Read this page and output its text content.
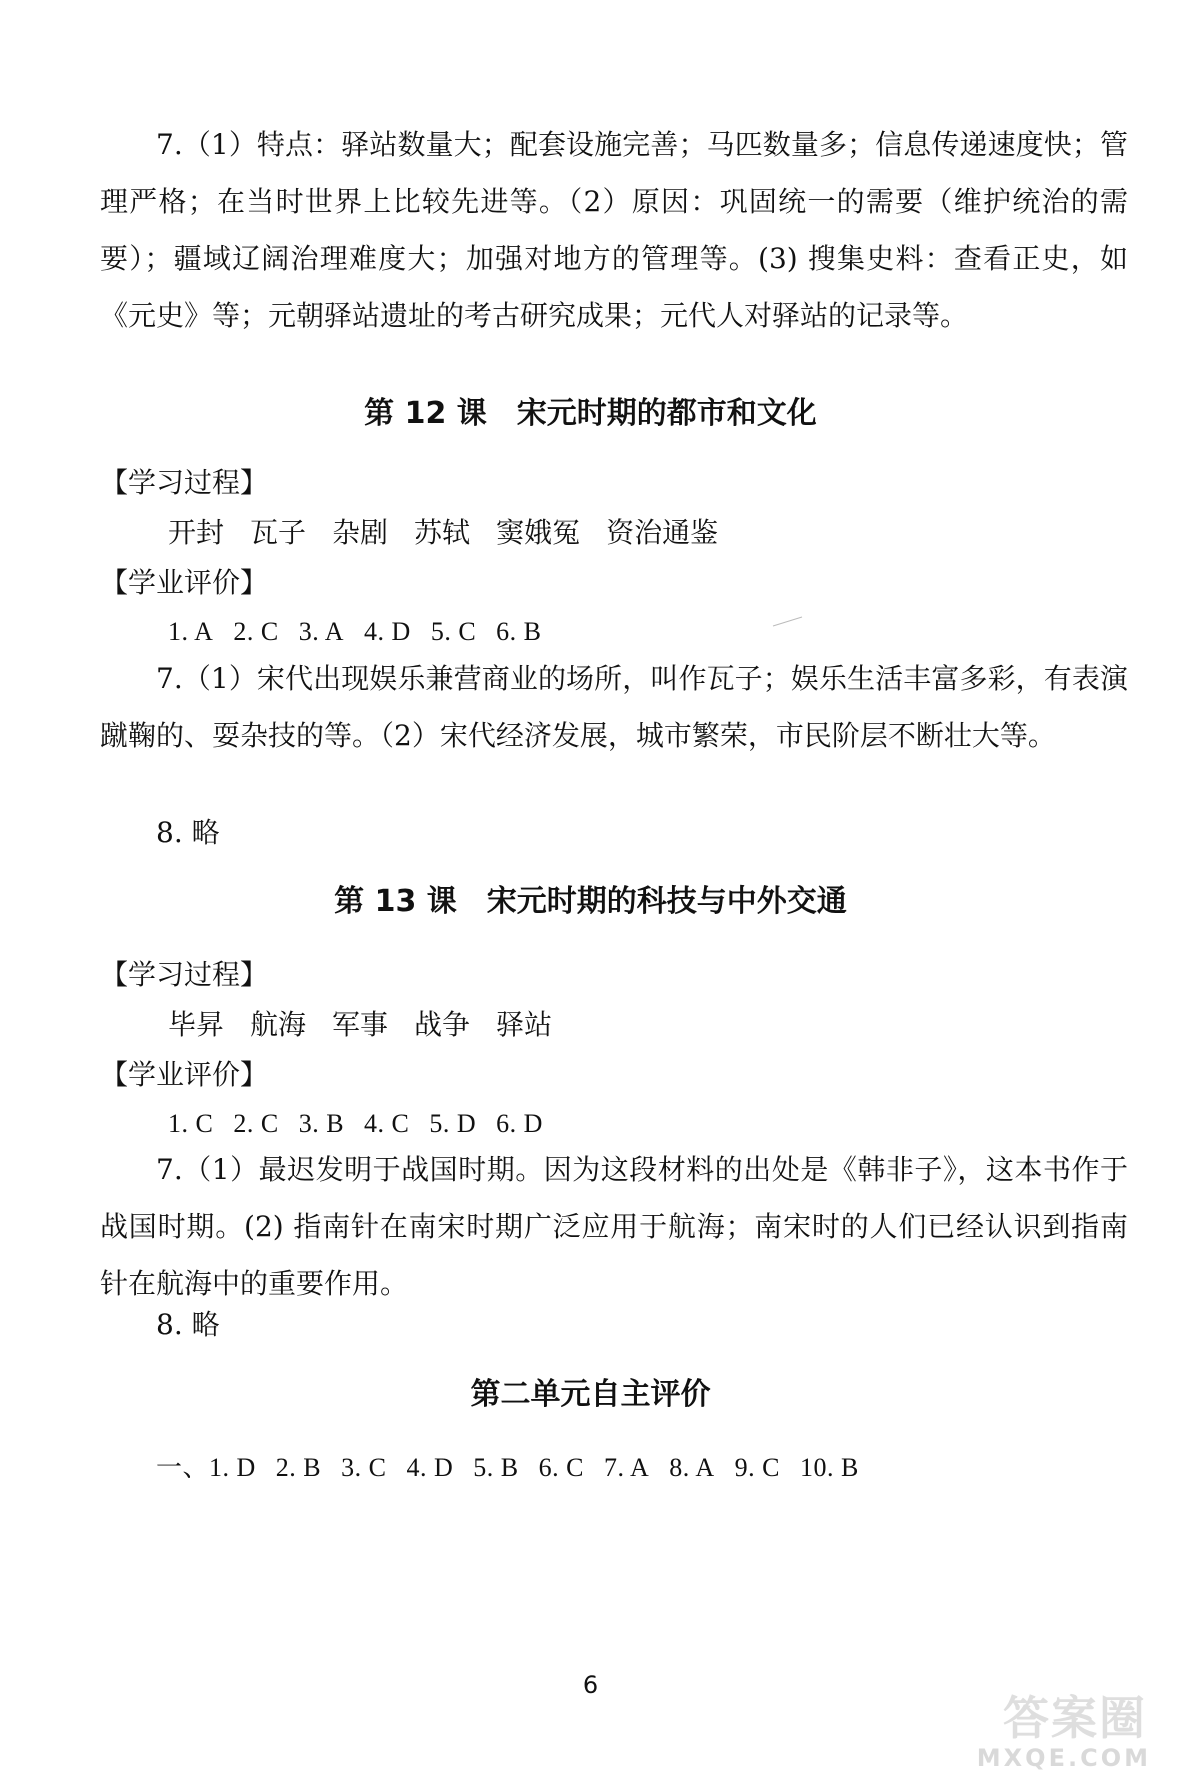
7.（1）特点：驿站数量大；配套设施完善；马匹数量多；信息传递速度快；管理严格；在当时世界上比较先进等。（2）原因：巩固统一的需要（维护统治的需要）；疆域辽阔治理难度大；加强对地方的管理等。(3) 搜集史料：查看正史，如《元史》等；元朝驿站遗址的考古研究成果；元代人对驿站的记录等。

第 12 课　宋元时期的都市和文化

【学习过程】

开封 瓦子 杂剧 苏轼 窦娥冤 资治通鉴

【学业评价】

1. A 2. C 3. A 4. D 5. C 6. B

7.（1）宋代出现娱乐兼营商业的场所，叫作瓦子；娱乐生活丰富多彩，有表演蹴鞠的、耍杂技的等。（2）宋代经济发展，城市繁荣，市民阶层不断壮大等。

8. 略

第 13 课　宋元时期的科技与中外交通

【学习过程】

毕昇 航海 军事 战争 驿站

【学业评价】

1. C 2. C 3. B 4. C 5. D 6. D

7.（1）最迟发明于战国时期。因为这段材料的出处是《韩非子》，这本书作于战国时期。(2) 指南针在南宋时期广泛应用于航海；南宋时的人们已经认识到指南针在航海中的重要作用。

8. 略

第二单元自主评价

一、1. D 2. B 3. C 4. D 5. B 6. C 7. A 8. A 9. C 10. B

6
答案圈
MXQE.COM
